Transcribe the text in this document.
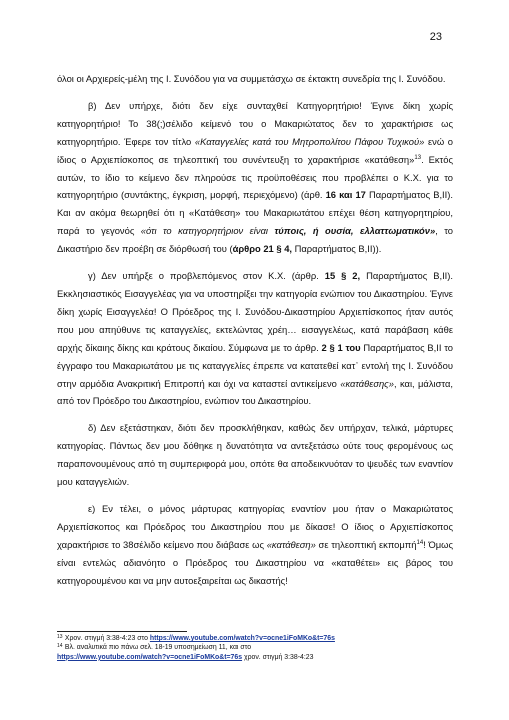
23

όλοι οι Αρχιερείς-μέλη της Ι. Συνόδου για να συμμετάσχω σε έκτακτη συνεδρία της Ι. Συνόδου.

β) Δεν υπήρχε, διότι δεν είχε συνταχθεί Κατηγορητήριο! Έγινε δίκη χωρίς κατηγορητήριο! Το 38(;)σέλιδο κείμενό του ο Μακαριώτατος δεν το χαρακτήρισε ως κατηγορητήριο. Έφερε τον τίτλο «Καταγγελίες κατά του Μητροπολίτου Πάφου Τυχικού» ενώ ο ίδιος ο Αρχιεπίσκοπος σε τηλεοπτική του συνέντευξη το χαρακτήρισε «κατάθεση»$^{13}$. Εκτός αυτών, το ίδιο το κείμενο δεν πληρούσε τις προϋποθέσεις που προβλέπει ο Κ.Χ. για το κατηγορητήριο (συντάκτης, έγκριση, μορφή, περιεχόμενο) (άρθ. 16 και 17 Παραρτήματος Β,ΙΙ). Και αν ακόμα θεωρηθεί ότι η «Κατάθεση» του Μακαριωτάτου επέχει θέση κατηγορητηρίου, παρά το γεγονός «ότι το κατηγορητήριον είναι τύποις, ή ουσία, ελλαττωματικόν», το Δικαστήριο δεν προέβη σε διόρθωσή του (άρθρο 21 § 4, Παραρτήματος Β,ΙΙ)).

γ) Δεν υπήρξε ο προβλεπόμενος στον Κ.Χ. (άρθρ. 15 § 2, Παραρτήματος Β,ΙΙ). Εκκλησιαστικός Εισαγγελέας για να υποστηρίξει την κατηγορία ενώπιον του Δικαστηρίου. Έγινε δίκη χωρίς Εισαγγελέα! Ο Πρόεδρος της Ι. Συνόδου-Δικαστηρίου Αρχιεπίσκοπος ήταν αυτός που μου απηύθυνε τις καταγγελίες, εκτελώντας χρέη… εισαγγελέως, κατά παράβαση κάθε αρχής δίκαιης δίκης και κράτους δικαίου. Σύμφωνα με το άρθρ. 2 § 1 του Παραρτήματος Β,ΙΙ το έγγραφο του Μακαριωτάτου με τις καταγγελίες έπρεπε να κατατεθεί κατ᾽ εντολή της Ι. Συνόδου στην αρμόδια Ανακριτική Επιτροπή και όχι να καταστεί αντικείμενο «κατάθεσης», και, μάλιστα, από τον Πρόεδρο του Δικαστηρίου, ενώπιον του Δικαστηρίου.

δ) Δεν εξετάστηκαν, διότι δεν προσκλήθηκαν, καθώς δεν υπήρχαν, τελικά, μάρτυρες κατηγορίας. Πάντως δεν μου δόθηκε η δυνατότητα να αντεξετάσω ούτε τους φερομένους ως παραπονουμένους από τη συμπεριφορά μου, οπότε θα αποδεικνυόταν το ψευδές των εναντίον μου καταγγελιών.

ε) Εν τέλει, ο μόνος μάρτυρας κατηγορίας εναντίον μου ήταν ο Μακαριώτατος Αρχιεπίσκοπος και Πρόεδρος του Δικαστηρίου που με δίκασε! Ο ίδιος ο Αρχιεπίσκοπος χαρακτήρισε το 38σέλιδο κείμενο που διάβασε ως «κατάθεση» σε τηλεοπτική εκπομπή$^{14}$! Όμως είναι εντελώς αδιανόητο ο Πρόεδρος του Δικαστηρίου να «καταθέτει» εις βάρος του κατηγορουμένου και να μην αυτοεξαιρείται ως δικαστής!

13 Χρον. στιγμή 3:38-4:23 στο https://www.youtube.com/watch?v=ocne1iFoMKo&t=76s

14 Βλ. αναλυτικά πιο πάνω σελ. 18-19 υποσημείωση 11, και στο

https://www.youtube.com/watch?v=ocne1iFoMKo&t=76s χρον. στιγμή 3:38-4:23
